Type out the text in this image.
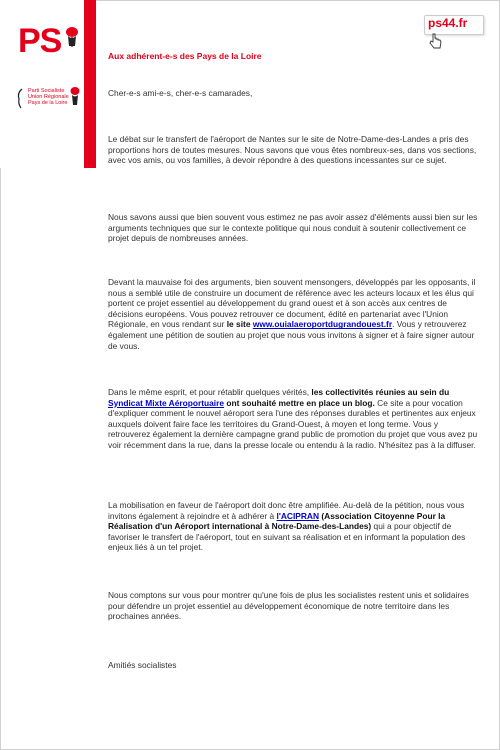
PS
Parti Socialiste
Union Régionale
Pays de la Loire
ps44.fr
Aux adhérent-e-s des Pays de la Loire
Cher-e-s ami-e-s, cher-e-s camarades,
Le débat sur le transfert de l'aéroport de Nantes sur le site de Notre-Dame-des-Landes a pris des proportions hors de toutes mesures. Nous savons que vous êtes nombreux-ses, dans vos sections, avec vos amis, ou vos familles, à devoir répondre à des questions incessantes sur ce sujet.
Nous savons aussi que bien souvent vous estimez ne pas avoir assez d'éléments aussi bien sur les arguments techniques que sur le contexte politique qui nous conduit à soutenir collectivement ce projet depuis de nombreuses années.
Devant la mauvaise foi des arguments, bien souvent mensongers, développés par les opposants, il nous a semblé utile de construire un document de référence avec les acteurs locaux et les élus qui portent ce projet essentiel au développement du grand ouest et à son accès aux centres de décisions européens. Vous pouvez retrouver ce document, édité en partenariat avec l'Union Régionale, en vous rendant sur le site www.ouialaeroportdugrandouest.fr. Vous y retrouverez également une pétition de soutien au projet que nous vous invitons à signer et à faire signer autour de vous.
Dans le même esprit, et pour rétablir quelques vérités, les collectivités réunies au sein du Syndicat Mixte Aéroportuaire ont souhaité mettre en place un blog. Ce site a pour vocation d'expliquer comment le nouvel aéroport sera l'une des réponses durables et pertinentes aux enjeux auxquels doivent faire face les territoires du Grand-Ouest, à moyen et long terme. Vous y retrouverez également la dernière campagne grand public de promotion du projet que vous avez pu voir récemment dans la rue, dans la presse locale ou entendu à la radio. N'hésitez pas à la diffuser.
La mobilisation en faveur de l'aéroport doit donc être amplifiée. Au-delà de la pétition, nous vous invitons également à rejoindre et à adhérer à l'ACIPRAN (Association Citoyenne Pour la Réalisation d'un Aéroport international à Notre-Dame-des-Landes) qui a pour objectif de favoriser le transfert de l'aéroport, tout en suivant sa réalisation et en informant la population des enjeux liés à un tel projet.
Nous comptons sur vous pour montrer qu'une fois de plus les socialistes restent unis et solidaires pour défendre un projet essentiel au développement économique de notre territoire dans les prochaines années.
Amitiés socialistes
